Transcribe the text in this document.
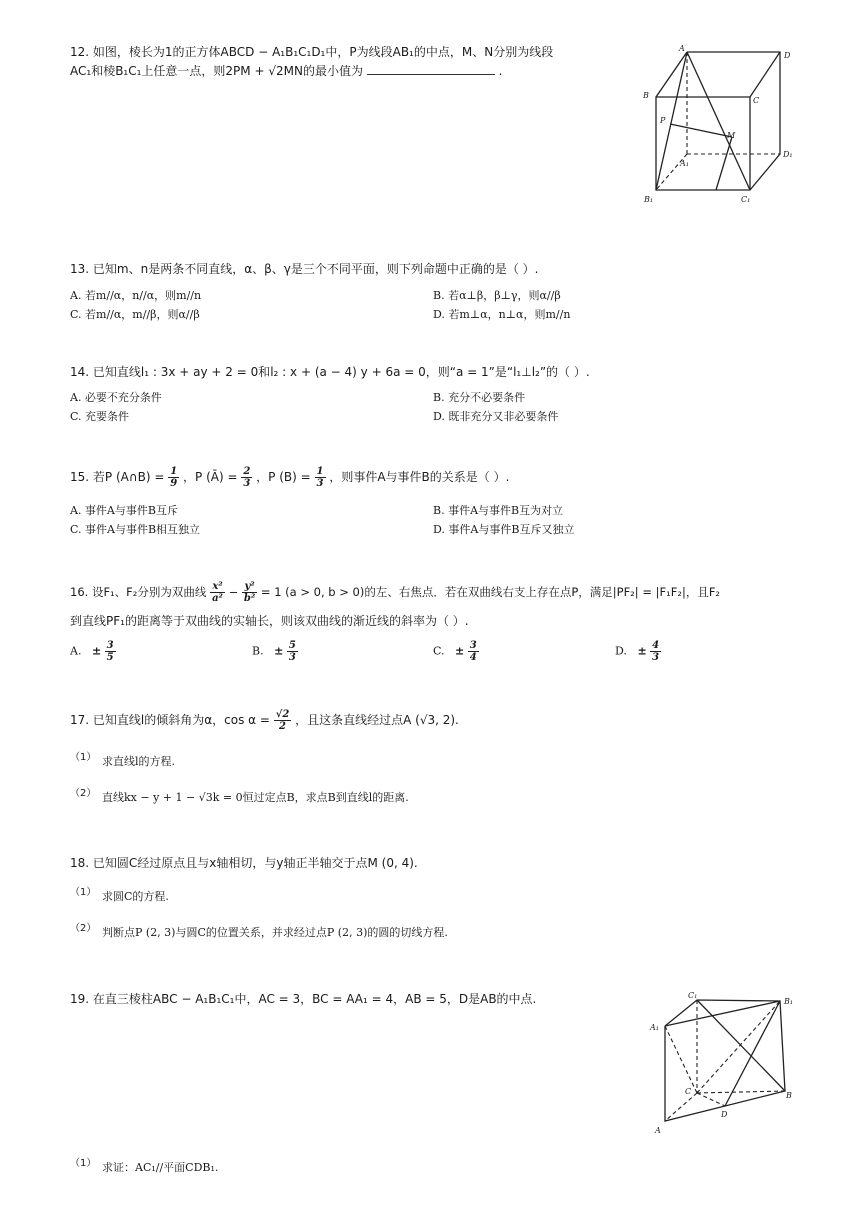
12. 如图，棱长为1的正方体ABCD − A₁B₁C₁D₁中，P为线段AB₁的中点，M、N分别为线段
AC₁和棱B₁C₁上任意一点，则2PM + √2MN的最小值为	.
A
D
B
C
P
M
A₁
D₁
B₁	C₁
13. 已知m、n是两条不同直线，α、β、γ是三个不同平面，则下列命题中正确的是（ ）.
A. 若m//α，n//α，则m//n	B. 若α⊥β，β⊥γ，则α//β
C. 若m//α，m//β，则α//β	D. 若m⊥α，n⊥α，则m//n
14. 已知直线l₁ : 3x + ay + 2 = 0和l₂ : x + (a − 4) y + 6a = 0，则“a = 1”是“l₁⊥l₂”的（ ）.
A. 必要不充分条件	B. 充分不必要条件
C. 充要条件	D. 既非充分又非必要条件
15. 若P (A∩B) = $\frac{1}{9}$ ，P (Ā) = $\frac{2}{3}$ ，P $(B) = \frac{1}{3}$ ，则事件A与事件B的关系是（ ）.
A. 事件A与事件B互斥	B. 事件A与事件B互为对立
C. 事件A与事件B相互独立	D. 事件A与事件B互斥又独立
16. 设F₁、F₂分别为双曲线 $\frac{\text{x²}}{\text{a²}} - \frac{\text{y²}}{\text{b²}} = 1$ (a > 0, b > 0)的左、右焦点．若在双曲线右支上存在点P，满足|PF₂| = |F₁F₂|，且F₂
到直线PF₁的距离等于双曲线的实轴长，则该双曲线的渐近线的斜率为（ ）.
A. ± $\frac{3}{5}$	B. ± $\frac{5}{3}$	C. ± $\frac{3}{4}$	D. ± $\frac{4}{3}$
17. 已知直线l的倾斜角为α，$\cos \alpha = \frac{√2}{2}$ ，且这条直线经过点A (√3, 2).
（1） 求直线l的方程.
（2） 直线kx − y + 1 − √3k = 0恒过定点B，求点B到直线l的距离.
18. 已知圆C经过原点且与x轴相切，与y轴正半轴交于点M (0, 4).
（1） 求圆C的方程.
（2） 判断点P (2, 3)与圆C的位置关系，并求经过点P (2, 3)的圆的切线方程.
19. 在直三棱柱ABC − A₁B₁C₁中，AC = 3，BC = AA₁ = 4，AB = 5，D是AB的中点.	C₁
B₁
A₁
C	B
D
A
（1） 求证：AC₁//平面CDB₁.
